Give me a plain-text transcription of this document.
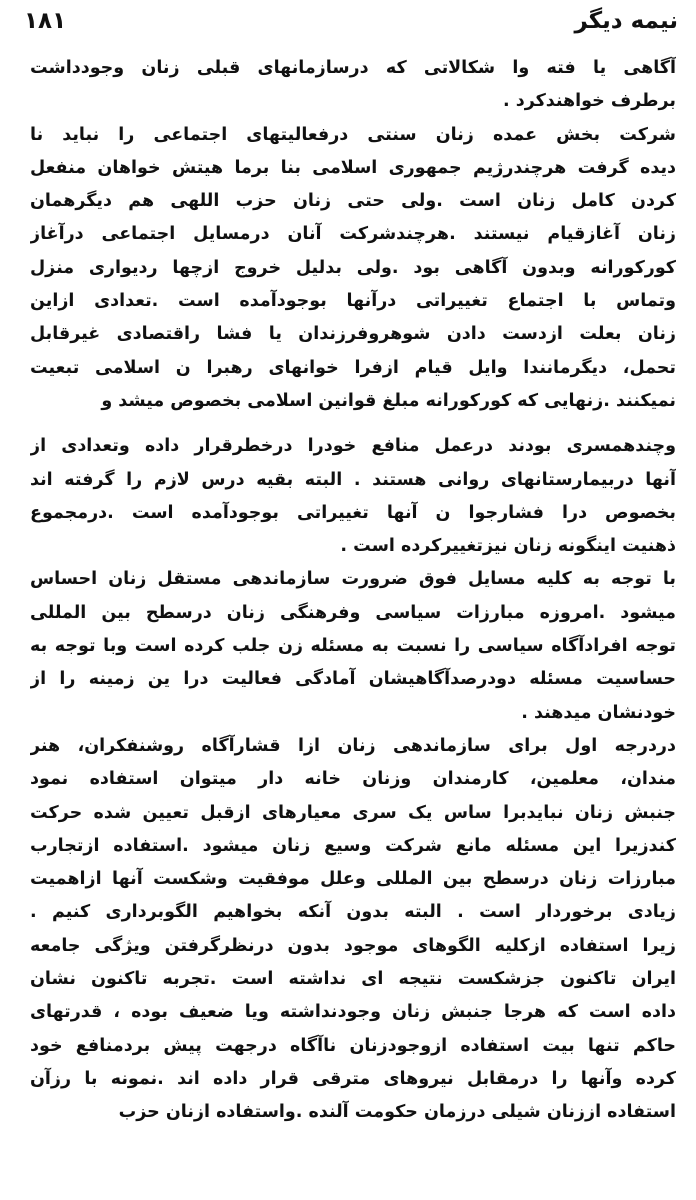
نیمه دیگر
۱۸۱
آگاهی یا فته وا شکالاتی که درسازمانهای قبلی زنان وجودداشت
برطرف خواهندکرد .
شرکت بخش عمده زنان سنتی درفعالیتهای اجتماعی را نباید نا
دیده گرفت هرچندرژیم جمهوری اسلامی بنا برما هیتش خواهان منفعل
کردن کامل زنان است .ولی حتی زنان حزب اللهی هم دیگرهمان
زنان آغازقیام نیستند .هرچندشرکت آنان درمسایل اجتماعی درآغاز
کورکورانه وبدون آگاهی بود .ولی بدلیل خروج ازچها ردیواری منزل
وتماس با اجتماع تغییراتی درآنها بوجودآمده است .تعدادی ازاین
زنان بعلت ازدست دادن شوهروفرزندان یا فشا راقتصادی غیرقابل
تحمل، دیگرمانندا وایل قیام ازفرا خوانهای رهبرا ن اسلامی تبعیت
نمیکنند .زنهایی که کورکورانه مبلغ قوانین اسلامی بخصوص میشد و
وچندهمسری بودند درعمل منافع خودرا درخطرقرار داده وتعدادی از
آنها دربیمارستانهای روانی هستند . البته بقیه درس لازم را گرفته اند
بخصوص درا فشارجوا ن آنها تغییراتی بوجودآمده است .درمجموع
ذهنیت اینگونه زنان نیزتغییرکرده است .
با توجه به کلیه مسایل فوق ضرورت سازماندهی مستقل زنان احساس
میشود .امروزه مبارزات سیاسی وفرهنگی زنان درسطح بین المللی
توجه افرادآگاه سیاسی را نسبت به مسئله زن جلب کرده است وبا توجه به
حساسیت مسئله دودرصدآگاهیشان آمادگی فعالیت درا ین زمینه را از
خودنشان میدهند .
دردرجه اول برای سازماندهی زنان ازا قشارآگاه روشنفکران، هنر
مندان، معلمین، کارمندان وزنان خانه دار میتوان استفاده نمود
جنبش زنان نبایدبرا ساس یک سری معیارهای ازقبل تعیین شده حرکت
کندزیرا این مسئله مانع شرکت وسیع زنان میشود .استفاده ازتجارب
مبارزات زنان درسطح بین المللی وعلل موفقیت وشکست آنها ازاهمیت
زیادی برخوردار است . البته بدون آنکه بخواهیم الگوبرداری کنیم .
زیرا استفاده ازکلیه الگوهای موجود بدون درنظرگرفتن ویژگی جامعه
ایران تاکنون جزشکست نتیجه ای نداشته است .تجربه تاکنون نشان
داده است که هرجا جنبش زنان وجودنداشته ویا ضعیف بوده ، قدرتهای
حاکم تنها بیت استفاده ازوجودزنان ناآگاه درجهت پیش بردمنافع خود
کرده وآنها را درمقابل نیروهای مترقی قرار داده اند .نمونه با رزآن
استفاده اززنان شیلی درزمان حکومت آلنده .واستفاده ازنان حزب
